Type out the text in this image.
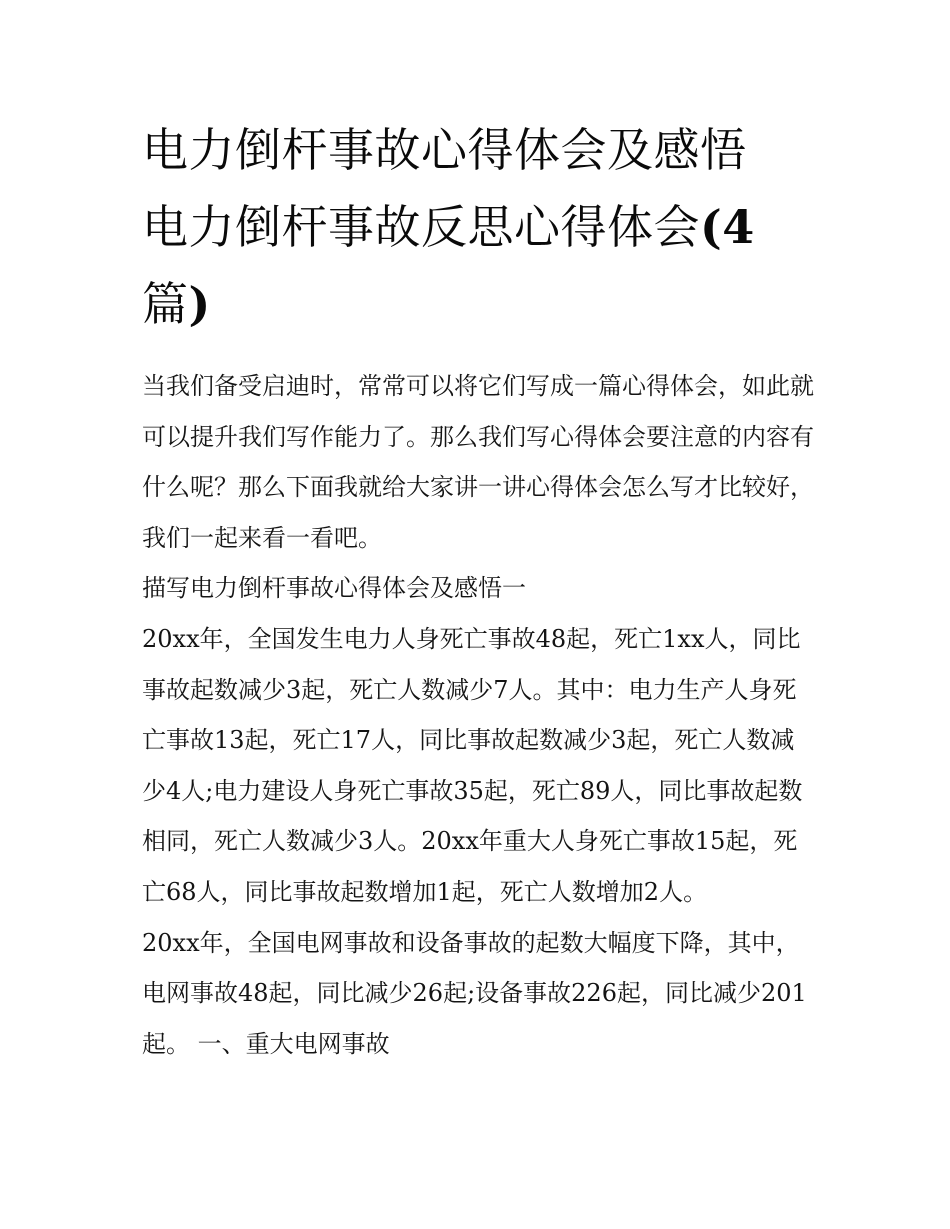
电力倒杆事故心得体会及感悟
电力倒杆事故反思心得体会(4
篇)

当我们备受启迪时，常常可以将它们写成一篇心得体会，如此就可以提升我们写作能力了。那么我们写心得体会要注意的内容有什么呢？那么下面我就给大家讲一讲心得体会怎么写才比较好，我们一起来看一看吧。

描写电力倒杆事故心得体会及感悟一

20xx年，全国发生电力人身死亡事故48起，死亡1xx人，同比事故起数减少3起，死亡人数减少7人。其中：电力生产人身死亡事故13起，死亡17人，同比事故起数减少3起，死亡人数减少4人;电力建设人身死亡事故35起，死亡89人，同比事故起数相同，死亡人数减少3人。20xx年重大人身死亡事故15起，死亡68人，同比事故起数增加1起，死亡人数增加2人。

20xx年，全国电网事故和设备事故的起数大幅度下降，其中，电网事故48起，同比减少26起;设备事故226起，同比减少201起。 一、重大电网事故
